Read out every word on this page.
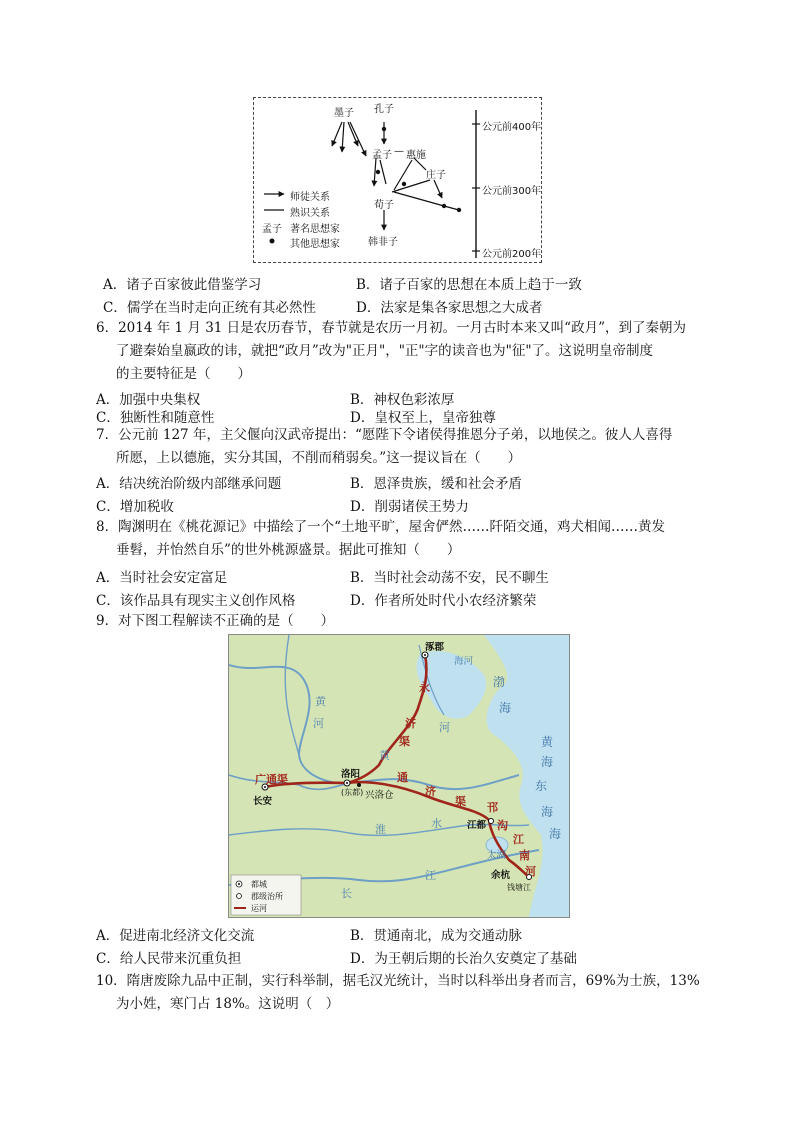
墨子 孔子
孟子 — 惠施
庄子
荀子
韩非子
公元前400年
公元前300年
公元前200年
师徒关系
熟识关系
孟子 著名思想家
其他思想家
A．诸子百家彼此借鉴学习	B．诸子百家的思想在本质上趋于一致
C．儒学在当时走向正统有其必然性	D．法家是集各家思想之大成者
6．2014 年 1 月 31 日是农历春节，春节就是农历一月初。一月古时本来又叫“政月”，到了秦朝为
了避秦始皇嬴政的讳，就把“政月”改为"正月"，"正"字的读音也为"征"了。这说明皇帝制度
的主要特征是（　　）
A．加强中央集权	B．神权色彩浓厚
C．独断性和随意性	D．皇权至上，皇帝独尊
7．公元前 127 年，主父偃向汉武帝提出：“愿陛下令诸侯得推恩分子弟，以地侯之。彼人人喜得
所愿，上以德施，实分其国，不削而稍弱矣。”这一提议旨在（　　）
A．结决统治阶级内部继承问题	B．恩泽贵族，缓和社会矛盾
C．增加税收	D．削弱诸侯王势力
8．陶渊明在《桃花源记》中描绘了一个“土地平旷，屋舍俨然……阡陌交通，鸡犬相闻……黄发
垂髫，并怡然自乐”的世外桃源盛景。据此可推知（　　）
A．当时社会安定富足	B．当时社会动荡不安，民不聊生
C．该作品具有现实主义创作风格	D．作者所处时代小农经济繁荣
9．对下图工程解读不正确的是（　　）
涿郡
海河
渤
海
黄
海
东
海
海
黄
河	河
黄
永
济
渠
广通渠
长安
洛阳
(东都) 兴洛仓
通
济
渠 邗
沟
江都
江
南
河
淮	水
太湖
长
江	余杭
钱塘江
都城
郡级治所
运河
A．促进南北经济文化交流	B．贯通南北，成为交通动脉
C．给人民带来沉重负担	D．为王朝后期的长治久安奠定了基础
10．隋唐废除九品中正制，实行科举制，据毛汉光统计，当时以科举出身者而言，69%为士族，13%
为小姓，寒门占 18%。这说明（　）
